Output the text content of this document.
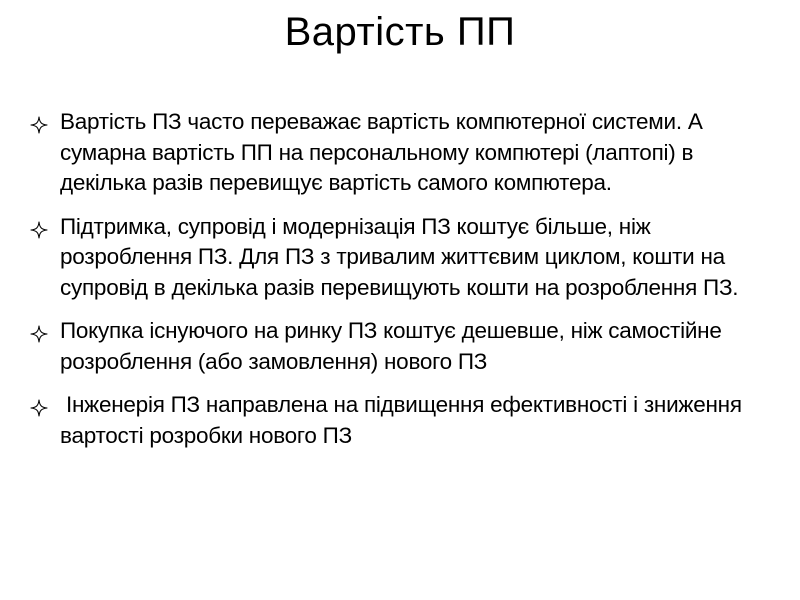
Вартість ПП
Вартість ПЗ часто переважає вартість компютерної системи. А сумарна вартість ПП на персональному компютері (лаптопі) в декілька разів перевищує вартість самого компютера.
Підтримка, супровід і модернізація ПЗ коштує більше, ніж розроблення ПЗ. Для ПЗ з тривалим життєвим циклом, кошти на супровід в декілька разів перевищують кошти на розроблення ПЗ.
Покупка існуючого на ринку ПЗ коштує дешевше, ніж самостійне розроблення (або замовлення) нового ПЗ
Інженерія ПЗ направлена на підвищення ефективності і зниження вартості розробки нового ПЗ
